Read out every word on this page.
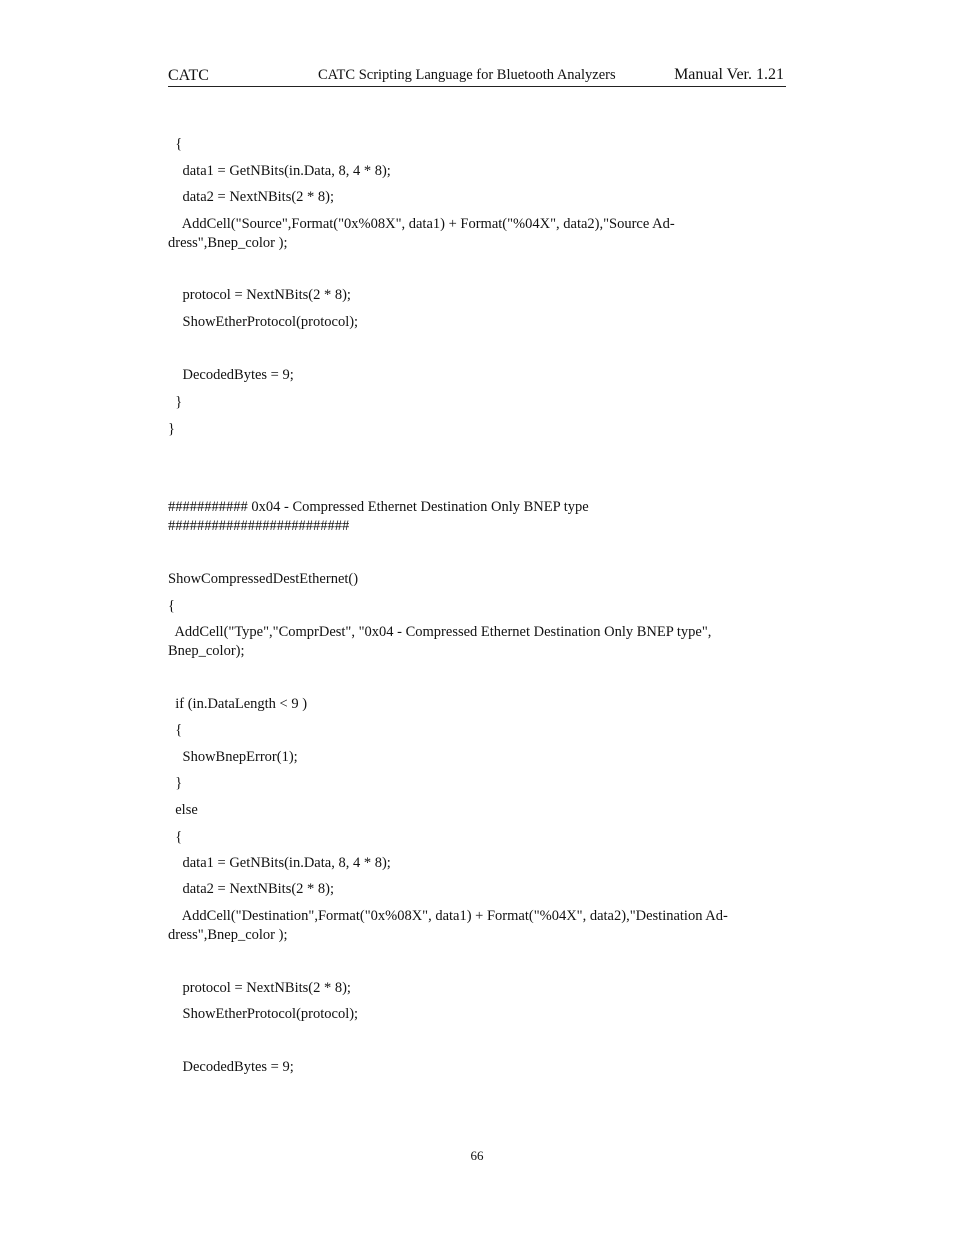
CATC	CATC Scripting Language for Bluetooth Analyzers	Manual Ver. 1.21
{
data1 = GetNBits(in.Data, 8, 4 * 8);
data2 = NextNBits(2 * 8);
AddCell("Source",Format("0x%08X", data1) + Format("%04X", data2),"Source Ad-
dress",Bnep_color );
protocol = NextNBits(2 * 8);
ShowEtherProtocol(protocol);
DecodedBytes = 9;
}
}
########### 0x04 - Compressed Ethernet Destination Only BNEP type
#########################
ShowCompressedDestEthernet()
{
AddCell("Type","ComprDest", "0x04 - Compressed Ethernet Destination Only BNEP type",
Bnep_color);
if (in.DataLength < 9 )
{
ShowBnepError(1);
}
else
{
data1 = GetNBits(in.Data, 8, 4 * 8);
data2 = NextNBits(2 * 8);
AddCell("Destination",Format("0x%08X", data1) + Format("%04X", data2),"Destination Ad-
dress",Bnep_color );
protocol = NextNBits(2 * 8);
ShowEtherProtocol(protocol);
DecodedBytes = 9;
66
